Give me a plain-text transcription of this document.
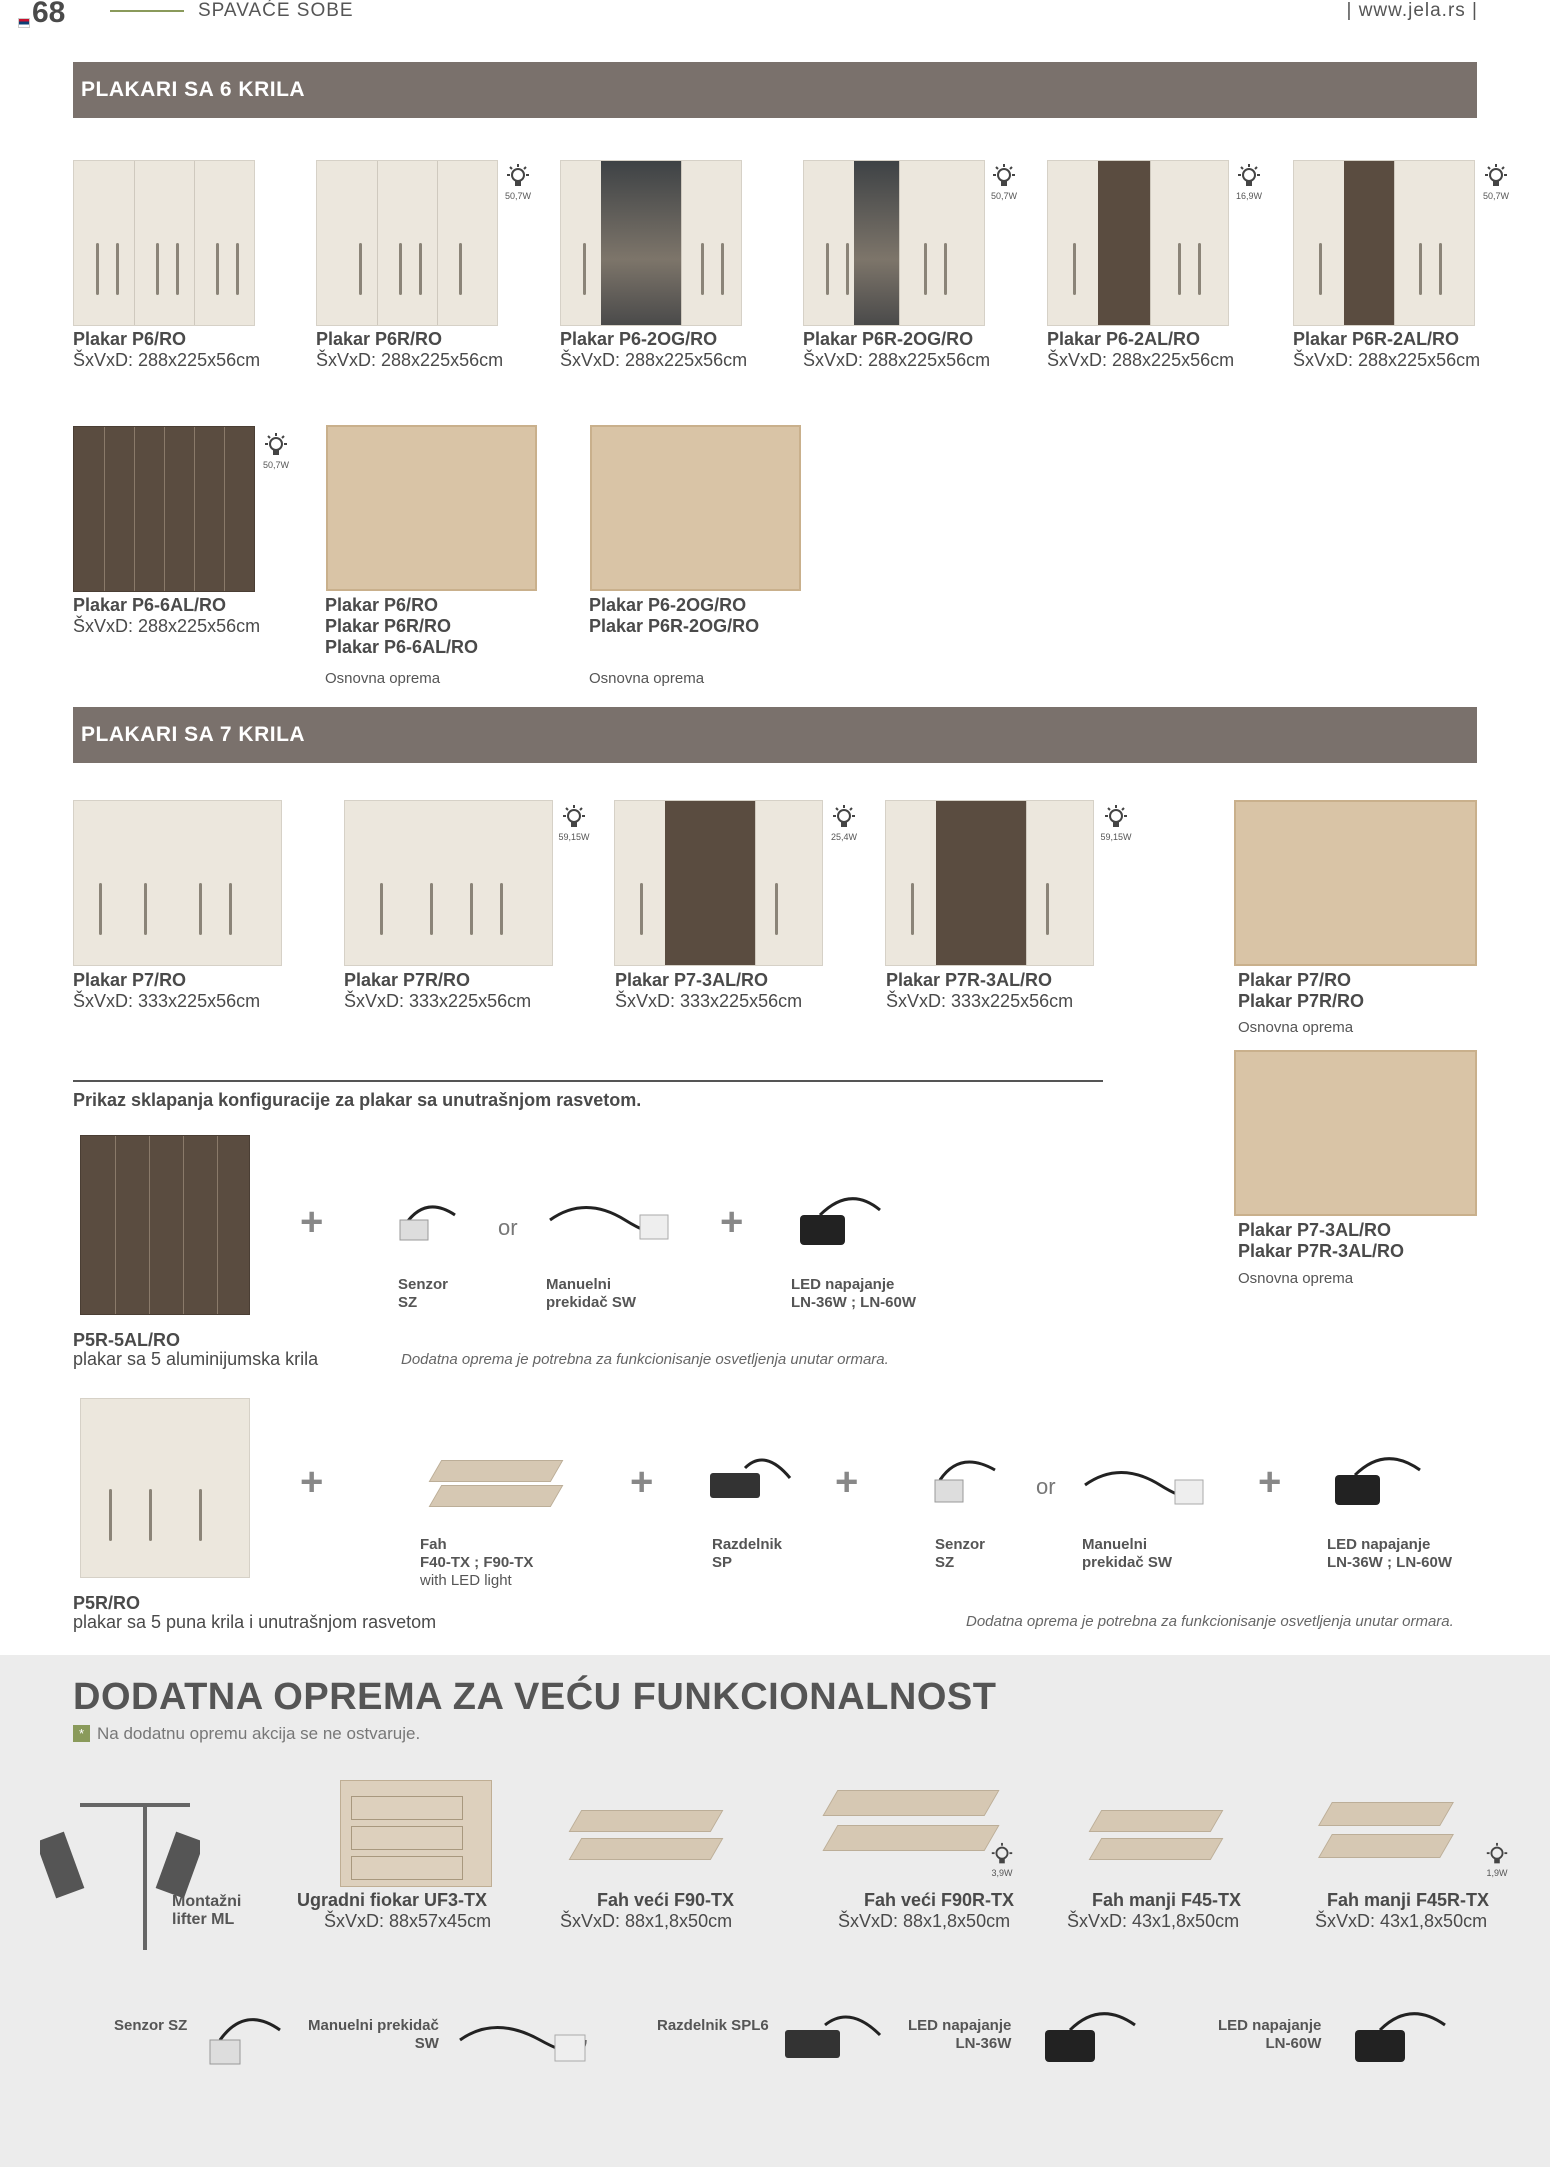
68	SPAVAĆE SOBE	| www.jela.rs |
PLAKARI SA 6 KRILA
50,7W	50,7W	16,9W	50,7W
Plakar P6/RO
ŠxVxD: 288x225x56cm
Plakar P6R/RO
ŠxVxD: 288x225x56cm
Plakar P6-2OG/RO
ŠxVxD: 288x225x56cm
Plakar P6R-2OG/RO
ŠxVxD: 288x225x56cm
Plakar P6-2AL/RO
ŠxVxD: 288x225x56cm
Plakar P6R-2AL/RO
ŠxVxD: 288x225x56cm
50,7W
Plakar P6-6AL/RO
ŠxVxD: 288x225x56cm
Plakar P6/RO
Plakar P6R/RO
Plakar P6-6AL/RO
Osnovna oprema
Plakar P6-2OG/RO
Plakar P6R-2OG/RO
Osnovna oprema
PLAKARI SA 7 KRILA
59,15W	25,4W	59,15W
Plakar P7/RO
ŠxVxD: 333x225x56cm
Plakar P7R/RO
ŠxVxD: 333x225x56cm
Plakar P7-3AL/RO
ŠxVxD: 333x225x56cm
Plakar P7R-3AL/RO
ŠxVxD: 333x225x56cm
Plakar P7/RO
Plakar P7R/RO
Osnovna oprema
Plakar P7-3AL/RO
Plakar P7R-3AL/RO
Osnovna oprema
Prikaz sklapanja konfiguracije za plakar sa unutrašnjom rasvetom.
+	or	+
Senzor
SZ
Manuelni
prekidač SW
LED napajanje
LN-36W ; LN-60W
P5R-5AL/RO
plakar sa 5 aluminijumska krila	Dodatna oprema je potrebna za funkcionisanje osvetljenja unutar ormara.
+	+	+	or	+
Fah
F40-TX ; F90-TX
with LED light
Razdelnik
SP
Senzor
SZ
Manuelni
prekidač SW
LED napajanje
LN-36W ; LN-60W
P5R/RO
plakar sa 5 puna krila i unutrašnjom rasvetom	Dodatna oprema je potrebna za funkcionisanje osvetljenja unutar ormara.
DODATNA OPREMA ZA VEĆU FUNKCIONALNOST
* Na dodatnu opremu akcija se ne ostvaruje.
Montažni
lifter ML
Ugradni fiokar UF3-TX
ŠxVxD: 88x57x45cm
Fah veći F90-TX
ŠxVxD: 88x1,8x50cm
3,9W
Fah veći F90R-TX
ŠxVxD: 88x1,8x50cm
Fah manji F45-TX
ŠxVxD: 43x1,8x50cm
1,9W
Fah manji F45R-TX
ŠxVxD: 43x1,8x50cm
Senzor SZ	Manuelni prekidač
SW
Razdelnik SPL6	LED napajanje
LN-36W
LED napajanje
LN-60W
